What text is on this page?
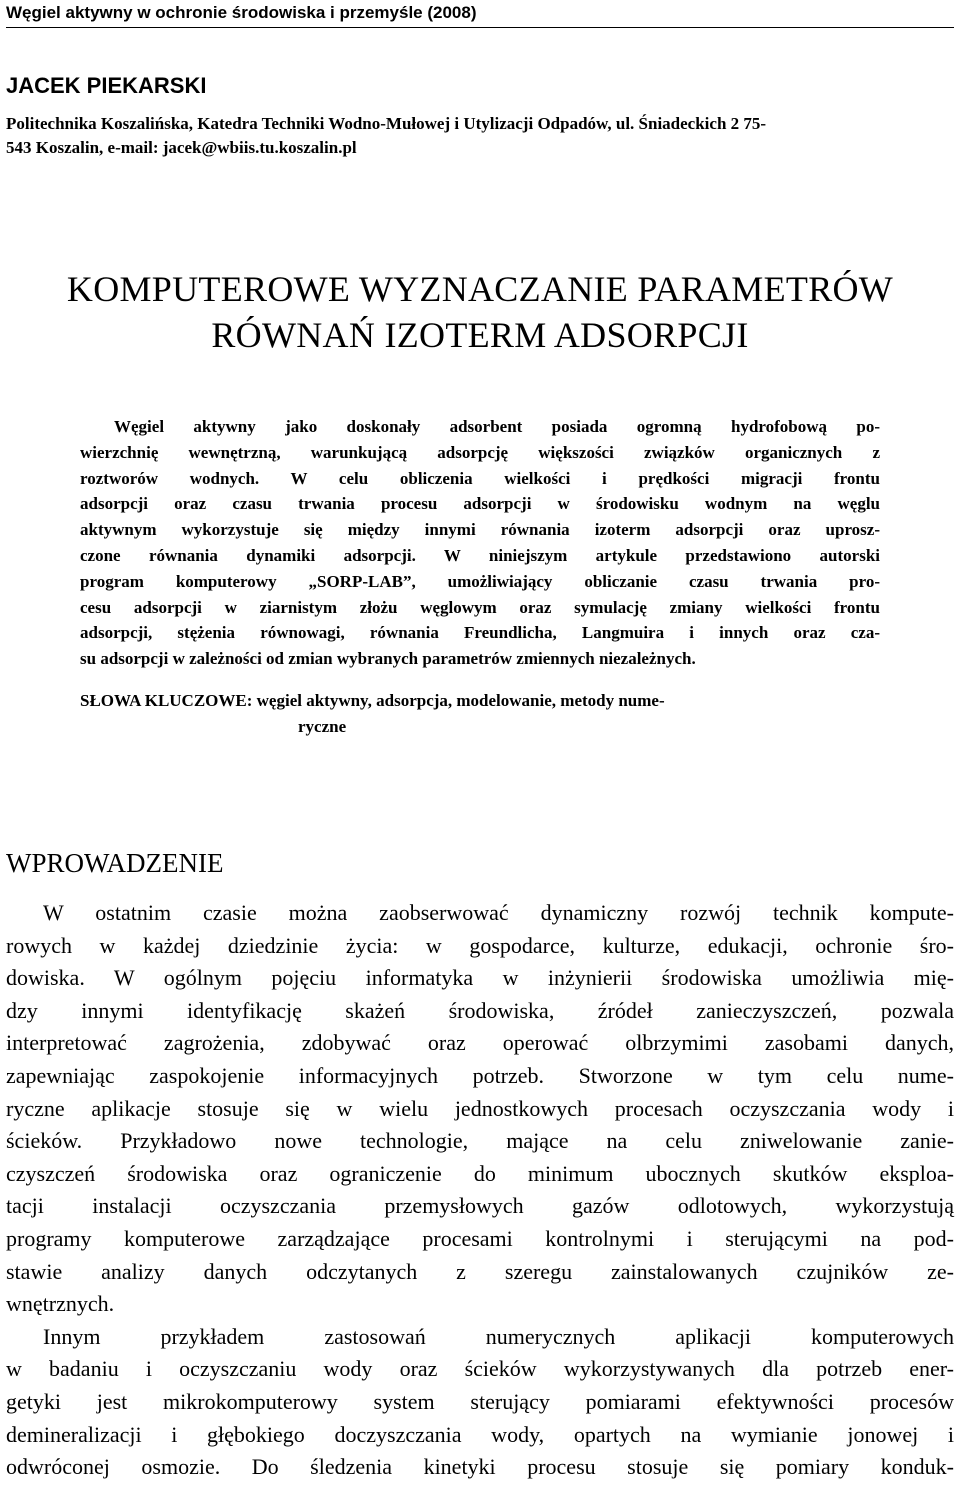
Węgiel aktywny w ochronie środowiska i przemyśle (2008)
JACEK PIEKARSKI
Politechnika Koszalińska, Katedra Techniki Wodno-Mułowej i Utylizacji Odpadów, ul. Śniadeckich 2 75-
543 Koszalin, e-mail: jacek@wbiis.tu.koszalin.pl
KOMPUTEROWE WYZNACZANIE PARAMETRÓW
RÓWNAŃ IZOTERM ADSORPCJI
Węgiel aktywny jako doskonały adsorbent posiada ogromną hydrofobową po-
wierzchnię wewnętrzną, warunkującą adsorpcję większości związków organicznych z
roztworów wodnych. W celu obliczenia wielkości i prędkości migracji frontu
adsorpcji oraz czasu trwania procesu adsorpcji w środowisku wodnym na węglu
aktywnym wykorzystuje się między innymi równania izoterm adsorpcji oraz uprosz-
czone równania dynamiki adsorpcji. W niniejszym artykule przedstawiono autorski
program komputerowy „SORP-LAB”, umożliwiający obliczanie czasu trwania pro-
cesu adsorpcji w ziarnistym złożu węglowym oraz symulację zmiany wielkości frontu
adsorpcji, stężenia równowagi, równania Freundlicha, Langmuira i innych oraz cza-
su adsorpcji w zależności od zmian wybranych parametrów zmiennych niezależnych.
SŁOWA KLUCZOWE: węgiel aktywny, adsorpcja, modelowanie, metody nume-
ryczne
WPROWADZENIE
W ostatnim czasie można zaobserwować dynamiczny rozwój technik kompute-
rowych w każdej dziedzinie życia: w gospodarce, kulturze, edukacji, ochronie śro-
dowiska. W ogólnym pojęciu informatyka w inżynierii środowiska umożliwia mię-
dzy innymi identyfikację skażeń środowiska, źródeł zanieczyszczeń, pozwala
interpretować zagrożenia, zdobywać oraz operować olbrzymimi zasobami danych,
zapewniając zaspokojenie informacyjnych potrzeb. Stworzone w tym celu nume-
ryczne aplikacje stosuje się w wielu jednostkowych procesach oczyszczania wody i
ścieków. Przykładowo nowe technologie, mające na celu zniwelowanie zanie-
czyszczeń środowiska oraz ograniczenie do minimum ubocznych skutków eksploa-
tacji instalacji oczyszczania przemysłowych gazów odlotowych, wykorzystują
programy komputerowe zarządzające procesami kontrolnymi i sterującymi na pod-
stawie analizy danych odczytanych z szeregu zainstalowanych czujników ze-
wnętrznych.
Innym przykładem zastosowań numerycznych aplikacji komputerowych
w badaniu i oczyszczaniu wody oraz ścieków wykorzystywanych dla potrzeb ener-
getyki jest mikrokomputerowy system sterujący pomiarami efektywności procesów
demineralizacji i głębokiego doczyszczania wody, opartych na wymianie jonowej i
odwróconej osmozie. Do śledzenia kinetyki procesu stosuje się pomiary konduk-
